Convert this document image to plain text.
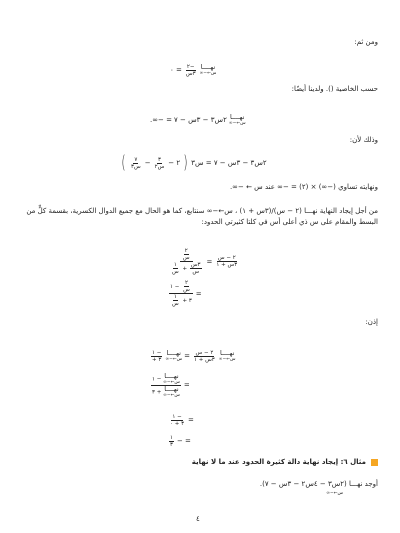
ومن ثم:
نهــــا
س←−∞
$\frac{-٢}{\text{٣س}}$
= ٠
حسب الخاصية (). ولدينا أيضًا:
نهــــا
س←−∞
٢س٣ − ٣س − ٧
= −∞.
وذلك لأن:
٢س٣ − ٣س − ٧ = س٣
(
٢ −
$\frac{٣}{\text{س٢}}$
−
$\frac{٧}{\text{س٣}}$
)
ونهايته تساوي (−∞) × (٢) = −∞ عند س ← −∞.
من أجل إيجاد النهاية نهـــا (٢ − س)/(٣س + ١) ، س←−∞ سنتابع، كما هو الحال مع جميع الدوال الكسرية، بقسمة كلٍّ من البسط والمقام على س ذي أعلى أس في كلتا كثيرتي الحدود:
$\frac{\text{٢ − س}}{\text{٣س + ١}}$
=
$\frac{٢}{\text{س}}$
$\frac{\text{٣س}}{\text{س}}$
+
$\frac{١}{\text{س}}$
=
$\frac{٢}{\text{س}}$
− ١
٣ +
$\frac{١}{\text{س}}$
إذن:
نهــــا
س←−∞
$\frac{\text{٢ − س}}{\text{٣س + ١}}$
=
نهــــا
س←−∞
$\frac{- ١}{٣ +}$
=
نهــــا
س←−∞
− ١
نهــــا
س←−∞
+ ٣
=
$\frac{- ١}{٣ + ٠}$
= −
$\frac{١}{٣}$
مثال ٦: إيجاد نهاية دالة كثيرة الحدود عند ما لا نهاية
أوجد نهـــا (٢س٣ − ٤س٢ − ٣س − ٧).
س←−∞
٤
